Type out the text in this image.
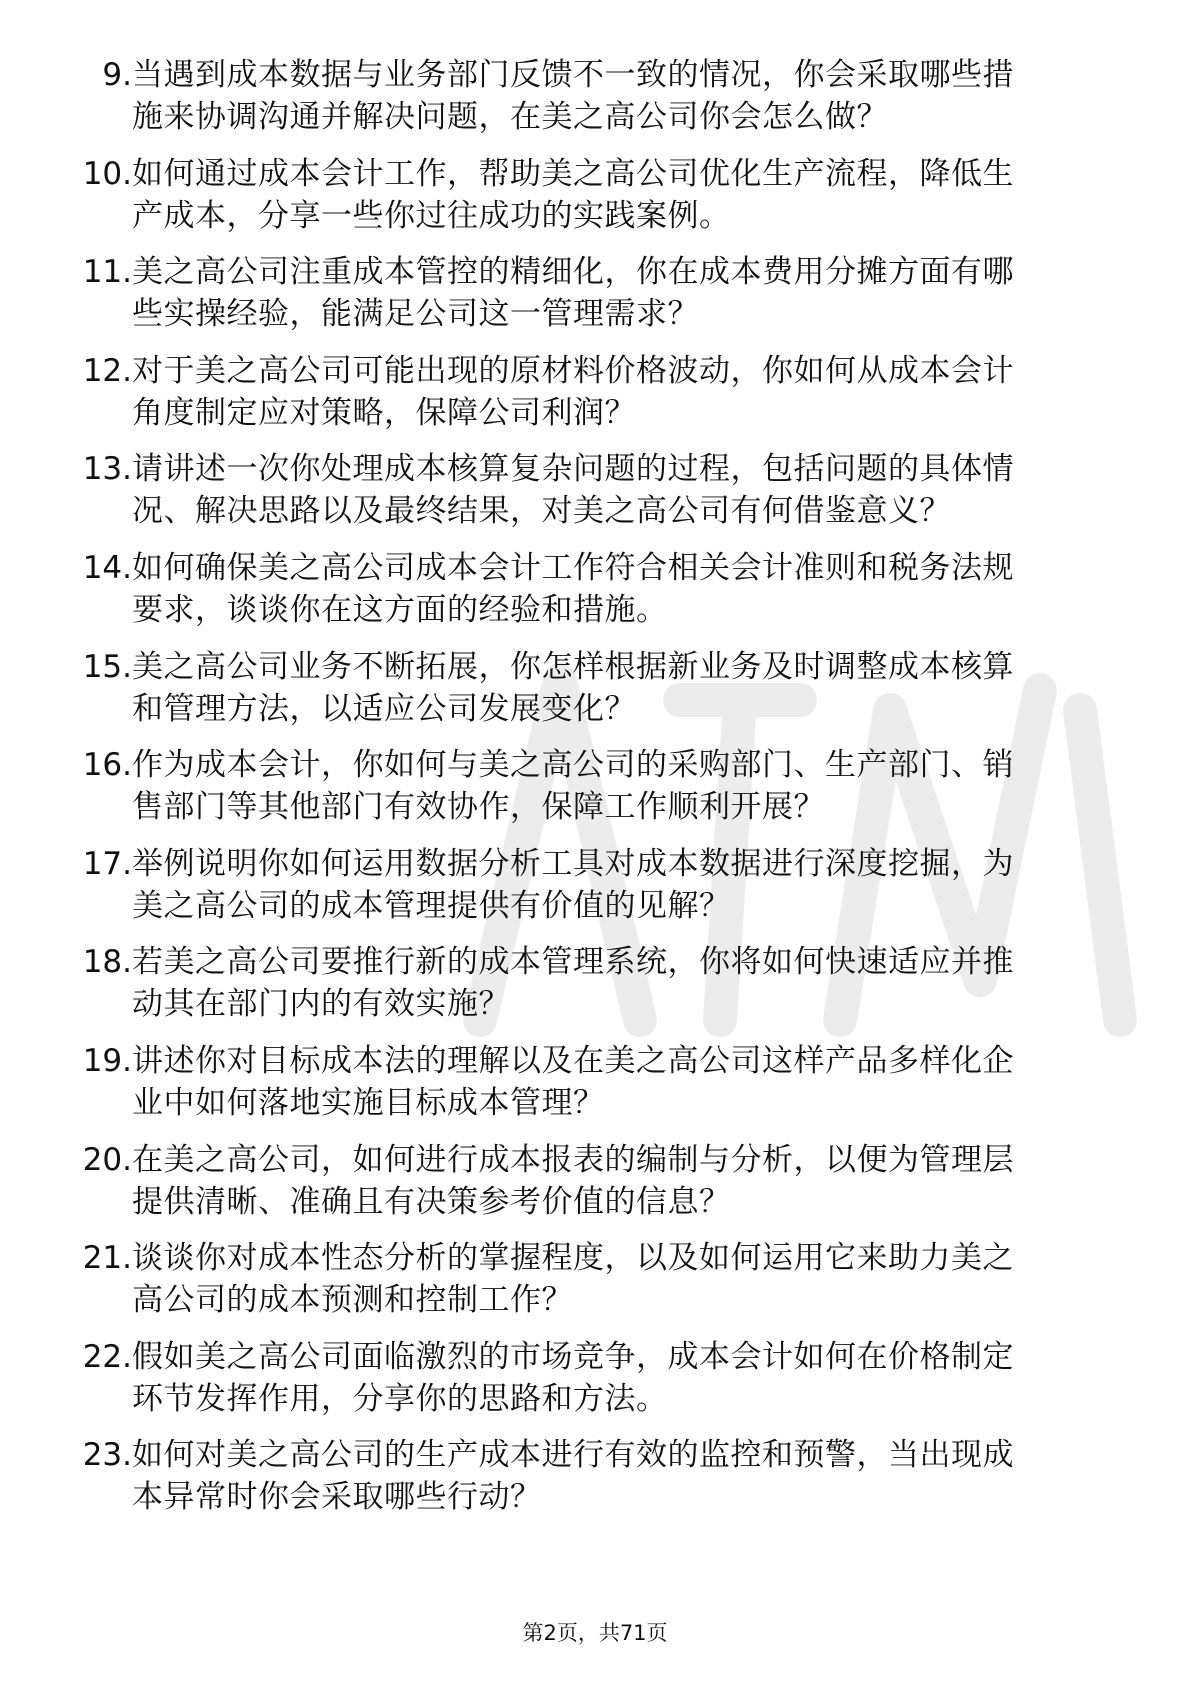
9. 当遇到成本数据与业务部门反馈不一致的情况，你会采取哪些措
施来协调沟通并解决问题，在美之高公司你会怎么做？
10. 如何通过成本会计工作，帮助美之高公司优化生产流程，降低生
产成本，分享一些你过往成功的实践案例。
11. 美之高公司注重成本管控的精细化，你在成本费用分摊方面有哪
些实操经验，能满足公司这一管理需求？
12. 对于美之高公司可能出现的原材料价格波动，你如何从成本会计
角度制定应对策略，保障公司利润？
13. 请讲述一次你处理成本核算复杂问题的过程，包括问题的具体情
况、解决思路以及最终结果，对美之高公司有何借鉴意义？
14. 如何确保美之高公司成本会计工作符合相关会计准则和税务法规
要求，谈谈你在这方面的经验和措施。
15. 美之高公司业务不断拓展，你怎样根据新业务及时调整成本核算
和管理方法，以适应公司发展变化？
16. 作为成本会计，你如何与美之高公司的采购部门、生产部门、销
售部门等其他部门有效协作，保障工作顺利开展？
17. 举例说明你如何运用数据分析工具对成本数据进行深度挖掘，为
美之高公司的成本管理提供有价值的见解？
18. 若美之高公司要推行新的成本管理系统，你将如何快速适应并推
动其在部门内的有效实施？
19. 讲述你对目标成本法的理解以及在美之高公司这样产品多样化企
业中如何落地实施目标成本管理？
20. 在美之高公司，如何进行成本报表的编制与分析，以便为管理层
提供清晰、准确且有决策参考价值的信息？
21. 谈谈你对成本性态分析的掌握程度，以及如何运用它来助力美之
高公司的成本预测和控制工作？
22. 假如美之高公司面临激烈的市场竞争，成本会计如何在价格制定
环节发挥作用，分享你的思路和方法。
23. 如何对美之高公司的生产成本进行有效的监控和预警，当出现成
本异常时你会采取哪些行动？
第2页，共71页
